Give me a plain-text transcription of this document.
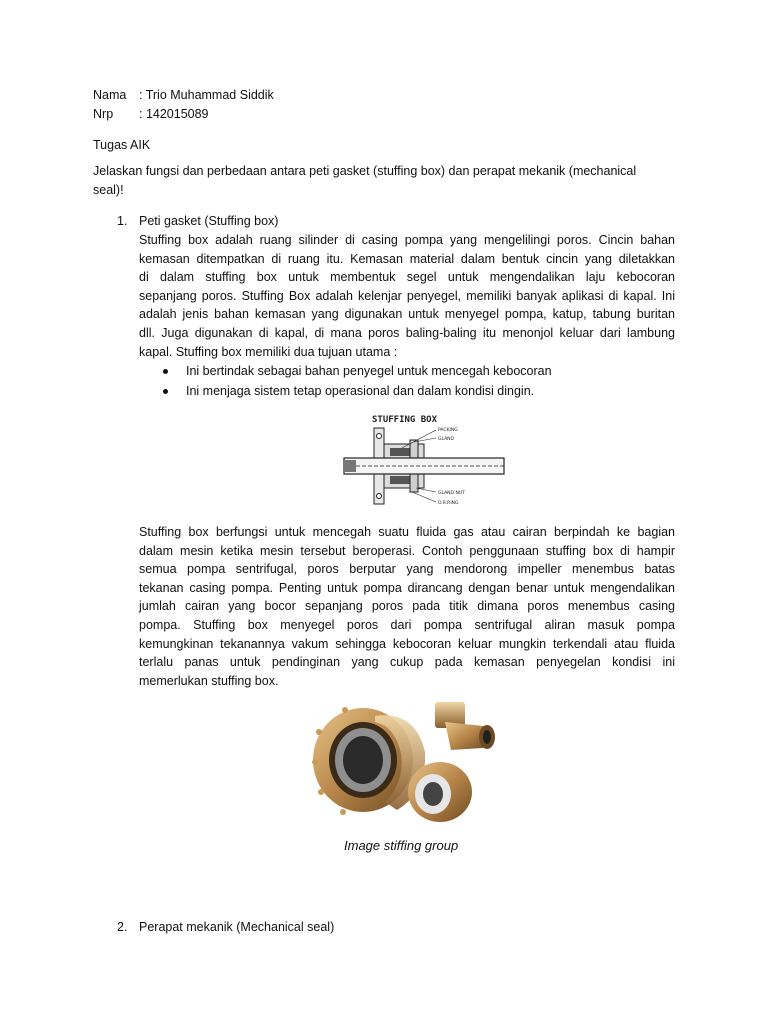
Nama : Trio Muhammad Siddik
Nrp : 142015089
Tugas AIK
Jelaskan fungsi dan perbedaan antara peti gasket (stuffing box) dan perapat mekanik (mechanical
seal)!
1. Peti gasket (Stuffing box)
Stuffing box adalah ruang silinder di casing pompa yang mengelilingi poros. Cincin bahan
kemasan ditempatkan di ruang itu. Kemasan material dalam bentuk cincin yang diletakkan
di dalam stuffing box untuk membentuk segel untuk mengendalikan laju kebocoran
sepanjang poros. Stuffing Box adalah kelenjar penyegel, memiliki banyak aplikasi di kapal. Ini
adalah jenis bahan kemasan yang digunakan untuk menyegel pompa, katup, tabung buritan
dll. Juga digunakan di kapal, di mana poros baling-baling itu menonjol keluar dari lambung
kapal. Stuffing box memiliki dua tujuan utama :
Ini bertindak sebagai bahan penyegel untuk mencegah kebocoran
Ini menjaga sistem tetap operasional dan dalam kondisi dingin.
STUFFING BOX
PACKING
GLAND
GLAND NUT
O.R.RING
Stuffing box berfungsi untuk mencegah suatu fluida gas atau cairan berpindah ke bagian
dalam mesin ketika mesin tersebut beroperasi. Contoh penggunaan stuffing box di hampir
semua pompa sentrifugal, poros berputar yang mendorong impeller menembus batas
tekanan casing pompa. Penting untuk pompa dirancang dengan benar untuk mengendalikan
jumlah cairan yang bocor sepanjang poros pada titik dimana poros menembus casing
pompa. Stuffing box menyegel poros dari pompa sentrifugal aliran masuk pompa
kemungkinan tekanannya vakum sehingga kebocoran keluar mungkin terkendali atau fluida
terlalu panas untuk pendinginan yang cukup pada kemasan penyegelan kondisi ini
memerlukan stuffing box.
Image stiffing group
2. Perapat mekanik (Mechanical seal)
